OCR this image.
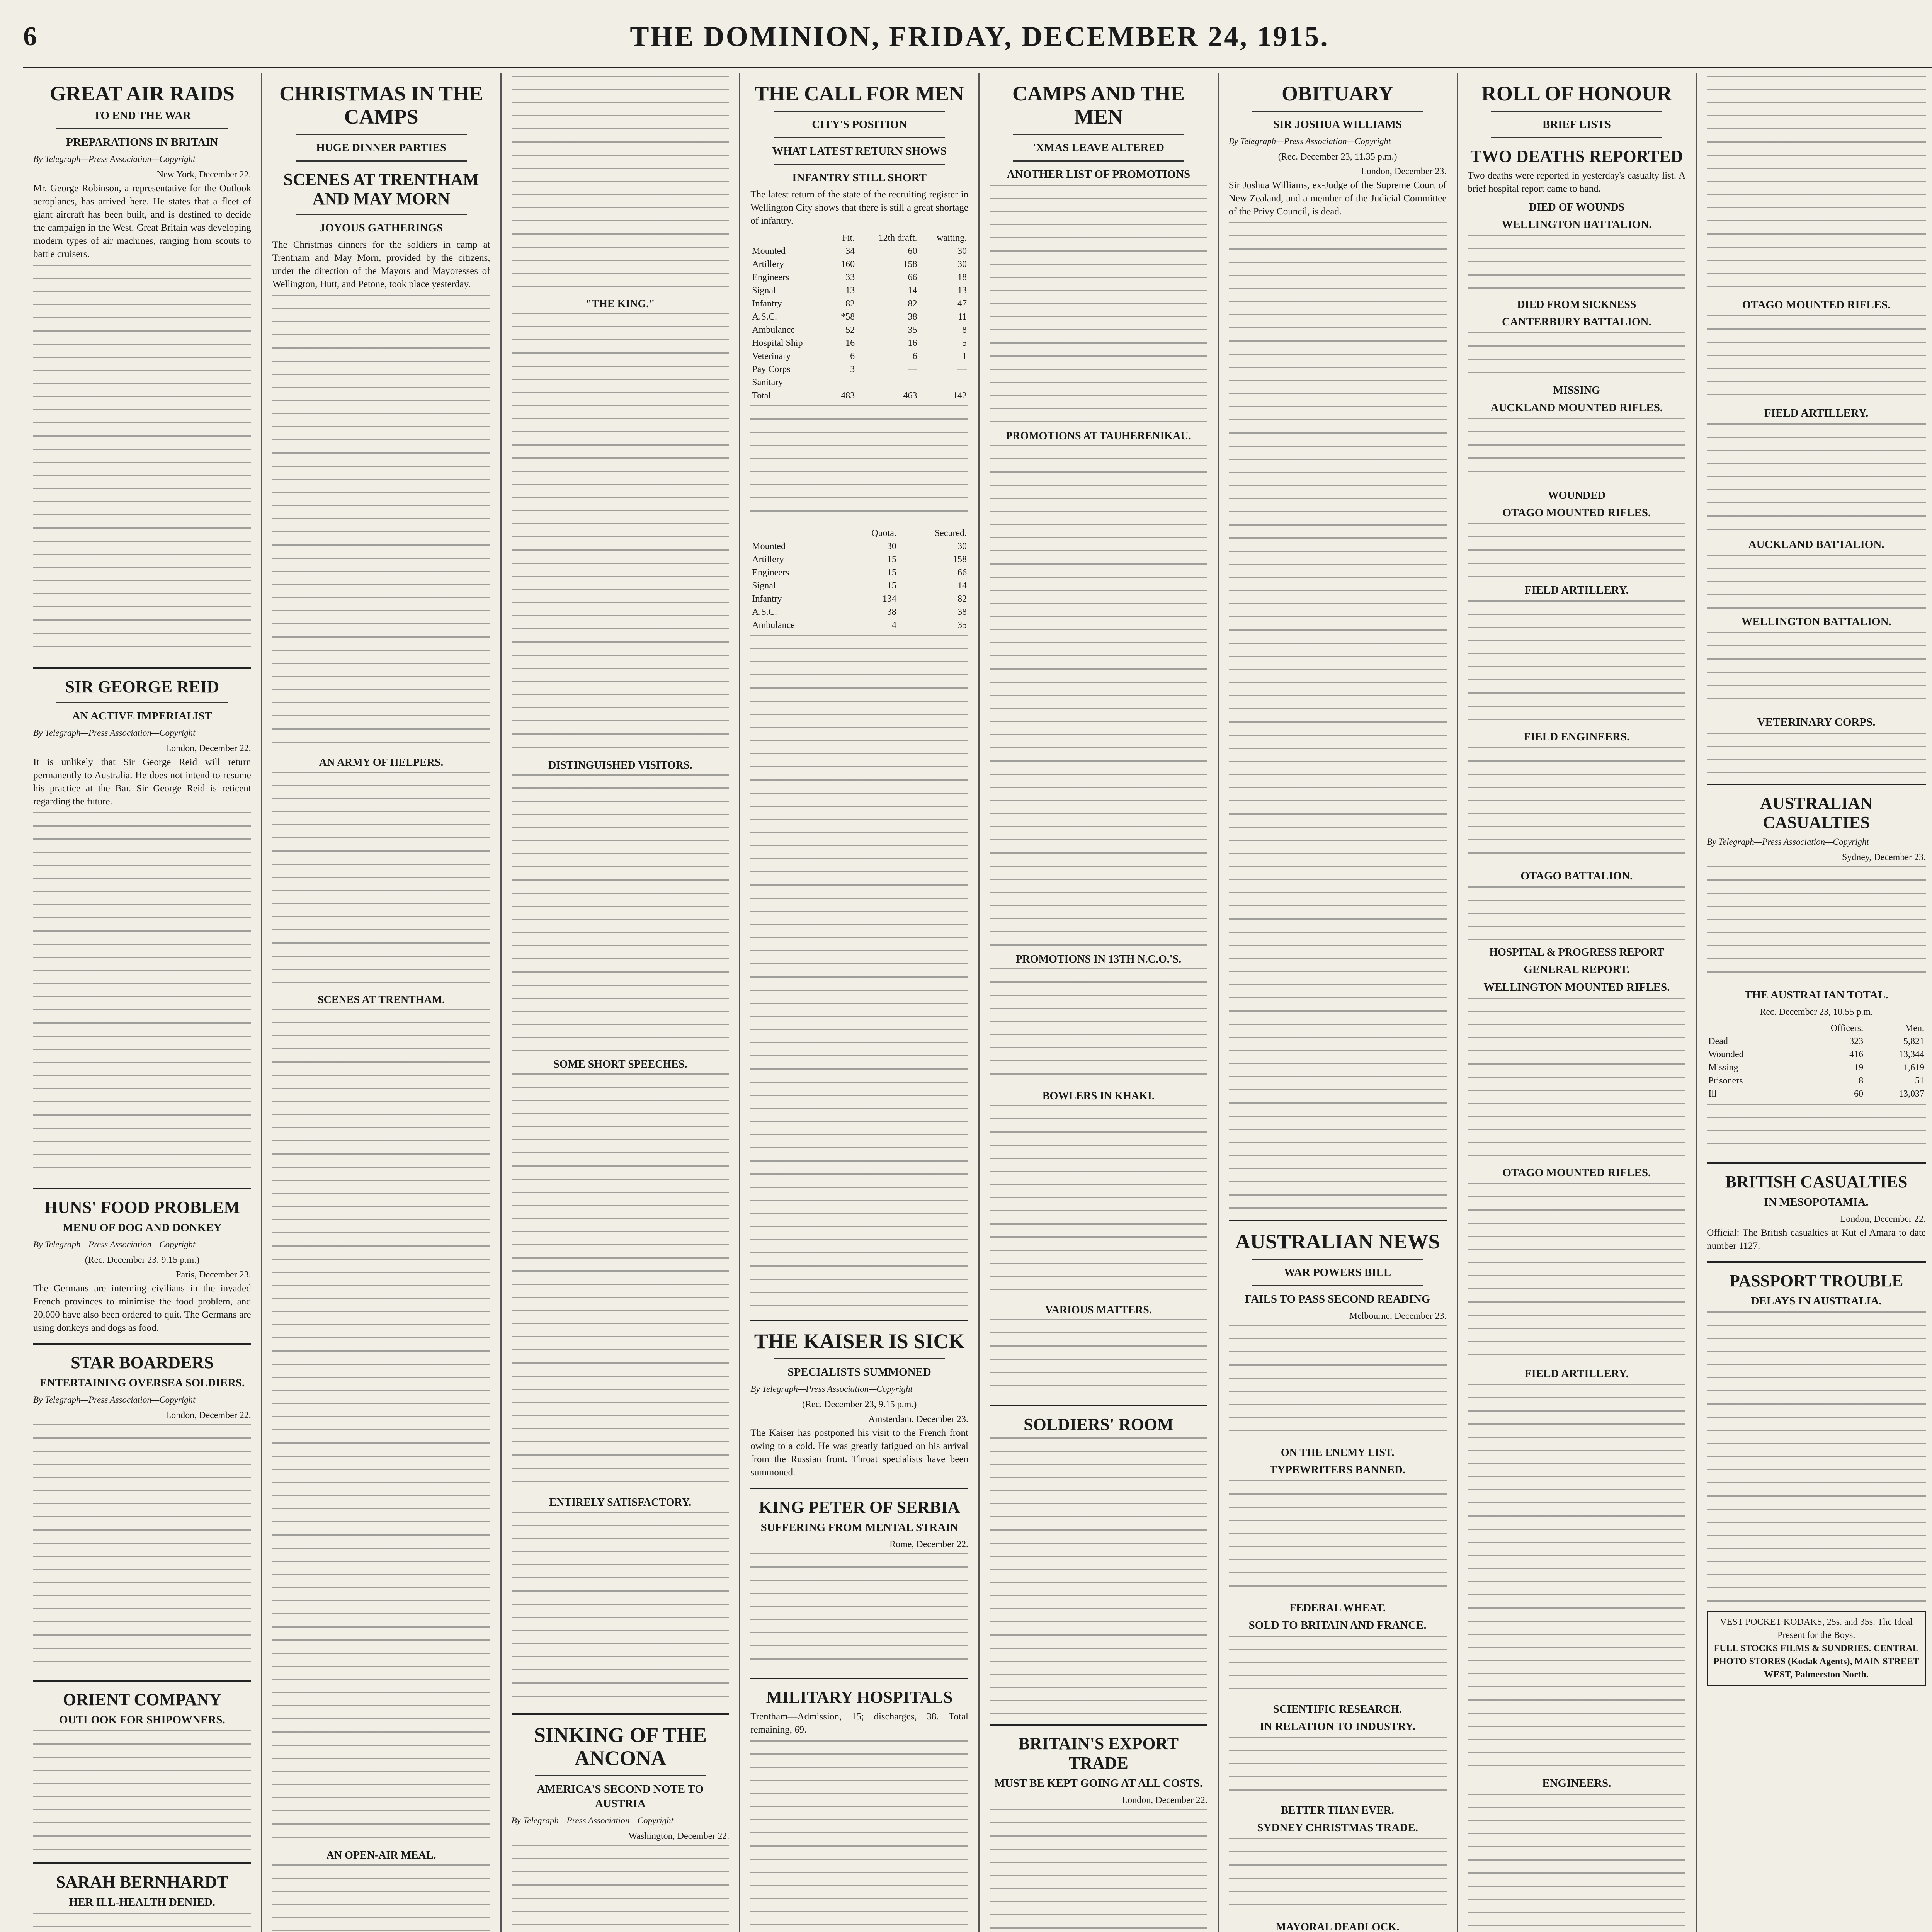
6	THE DOMINION, FRIDAY, DECEMBER 24, 1915.
GREAT AIR RAIDS
TO END THE WAR
PREPARATIONS IN BRITAIN
By Telegraph—Press Association—Copyright
New York, December 22.

Mr. George Robinson, a representative for the Outlook aeroplanes, has arrived here. He states that a fleet of giant aircraft has been built, and is destined to decide the campaign in the West. Great Britain was developing modern types of air machines, ranging from scouts to battle cruisers.

SIR GEORGE REID
AN ACTIVE IMPERIALIST
By Telegraph—Press Association—Copyright
London, December 22.

It is unlikely that Sir George Reid will return permanently to Australia. He does not intend to resume his practice at the Bar. Sir George Reid is reticent regarding the future.

HUNS' FOOD PROBLEM
MENU OF DOG AND DONKEY
By Telegraph—Press Association—Copyright
(Rec. December 23, 9.15 p.m.)
Paris, December 23.

The Germans are interning civilians in the invaded French provinces to minimise the food problem, and 20,000 have also been ordered to quit. The Germans are using donkeys and dogs as food.

STAR BOARDERS
ENTERTAINING OVERSEA SOLDIERS.
By Telegraph—Press Association—Copyright
London, December 22.
ORIENT COMPANY
OUTLOOK FOR SHIPOWNERS.
SARAH BERNHARDT
HER ILL-HEALTH DENIED.
CHRISTMAS IN THE CAMPS
HUGE DINNER PARTIES
SCENES AT TRENTHAM AND MAY MORN
JOYOUS GATHERINGS

The Christmas dinners for the soldiers in camp at Trentham and May Morn, provided by the citizens, under the direction of the Mayors and Mayoresses of Wellington, Hutt, and Petone, took place yesterday.

AN ARMY OF HELPERS.
SCENES AT TRENTHAM.
AN OPEN-AIR MEAL.
"THE KING."
DISTINGUISHED VISITORS.
SOME SHORT SPEECHES.
ENTIRELY SATISFACTORY.
SINKING OF THE ANCONA
AMERICA'S SECOND NOTE TO AUSTRIA
By Telegraph—Press Association—Copyright
Washington, December 22.
THE CALL FOR MEN
CITY'S POSITION
WHAT LATEST RETURN SHOWS
INFANTRY STILL SHORT

The latest return of the state of the recruiting register in Wellington City shows that there is still a great shortage of infantry.

	Fit.	12th draft.	waiting.
Mounted	34	60	30
Artillery	160	158	30
Engineers	33	66	18
Signal	13	14	13
Infantry	82	82	47
A.S.C.	*58	38	11
Ambulance	52	35	8
Hospital Ship	16	16	5
Veterinary	6	6	1
Pay Corps	3	—	—
Sanitary	—	—	—
Total	483	463	142
	Quota.	Secured.
Mounted	30	30
Artillery	15	158
Engineers	15	66
Signal	15	14
Infantry	134	82
A.S.C.	38	38
Ambulance	4	35
THE KAISER IS SICK
SPECIALISTS SUMMONED
By Telegraph—Press Association—Copyright
(Rec. December 23, 9.15 p.m.)
Amsterdam, December 23.

The Kaiser has postponed his visit to the French front owing to a cold. He was greatly fatigued on his arrival from the Russian front. Throat specialists have been summoned.

KING PETER OF SERBIA
SUFFERING FROM MENTAL STRAIN
Rome, December 22.
MILITARY HOSPITALS

Trentham—Admission, 15; discharges, 38. Total remaining, 69.

CAMPS AND THE MEN
'XMAS LEAVE ALTERED
ANOTHER LIST OF PROMOTIONS
PROMOTIONS AT TAUHERENIKAU.
PROMOTIONS IN 13TH N.C.O.'S.
BOWLERS IN KHAKI.
VARIOUS MATTERS.
SOLDIERS' ROOM
BRITAIN'S EXPORT TRADE
MUST BE KEPT GOING AT ALL COSTS.
London, December 22.
OBITUARY
SIR JOSHUA WILLIAMS
By Telegraph—Press Association—Copyright
(Rec. December 23, 11.35 p.m.)
London, December 23.

Sir Joshua Williams, ex-Judge of the Supreme Court of New Zealand, and a member of the Judicial Committee of the Privy Council, is dead.

AUSTRALIAN NEWS
WAR POWERS BILL
FAILS TO PASS SECOND READING
Melbourne, December 23.
ON THE ENEMY LIST.
TYPEWRITERS BANNED.
FEDERAL WHEAT.
SOLD TO BRITAIN AND FRANCE.
SCIENTIFIC RESEARCH.
IN RELATION TO INDUSTRY.
BETTER THAN EVER.
SYDNEY CHRISTMAS TRADE.
MAYORAL DEADLOCK.
ROLL OF HONOUR
BRIEF LISTS
TWO DEATHS REPORTED

Two deaths were reported in yesterday's casualty list. A brief hospital report came to hand.

DIED OF WOUNDS
WELLINGTON BATTALION.
DIED FROM SICKNESS
CANTERBURY BATTALION.
MISSING
AUCKLAND MOUNTED RIFLES.
WOUNDED
OTAGO MOUNTED RIFLES.
FIELD ARTILLERY.
FIELD ENGINEERS.
OTAGO BATTALION.
HOSPITAL & PROGRESS REPORT
GENERAL REPORT.
WELLINGTON MOUNTED RIFLES.
OTAGO MOUNTED RIFLES.
FIELD ARTILLERY.
ENGINEERS.
OTAGO MOUNTED RIFLES.
FIELD ARTILLERY.
AUCKLAND BATTALION.
WELLINGTON BATTALION.
VETERINARY CORPS.
AUSTRALIAN CASUALTIES
By Telegraph—Press Association—Copyright
Sydney, December 23.
THE AUSTRALIAN TOTAL.
Rec. December 23, 10.55 p.m.
	Officers.	Men.
Dead	323	5,821
Wounded	416	13,344
Missing	19	1,619
Prisoners	8	51
Ill	60	13,037
BRITISH CASUALTIES
IN MESOPOTAMIA.
London, December 22.

Official: The British casualties at Kut el Amara to date number 1127.

PASSPORT TROUBLE
DELAYS IN AUSTRALIA.
VEST POCKET KODAKS, 25s. and 35s. The Ideal Present for the Boys.
FULL STOCKS FILMS & SUNDRIES. CENTRAL PHOTO STORES (Kodak Agents), MAIN STREET WEST, Palmerston North.
